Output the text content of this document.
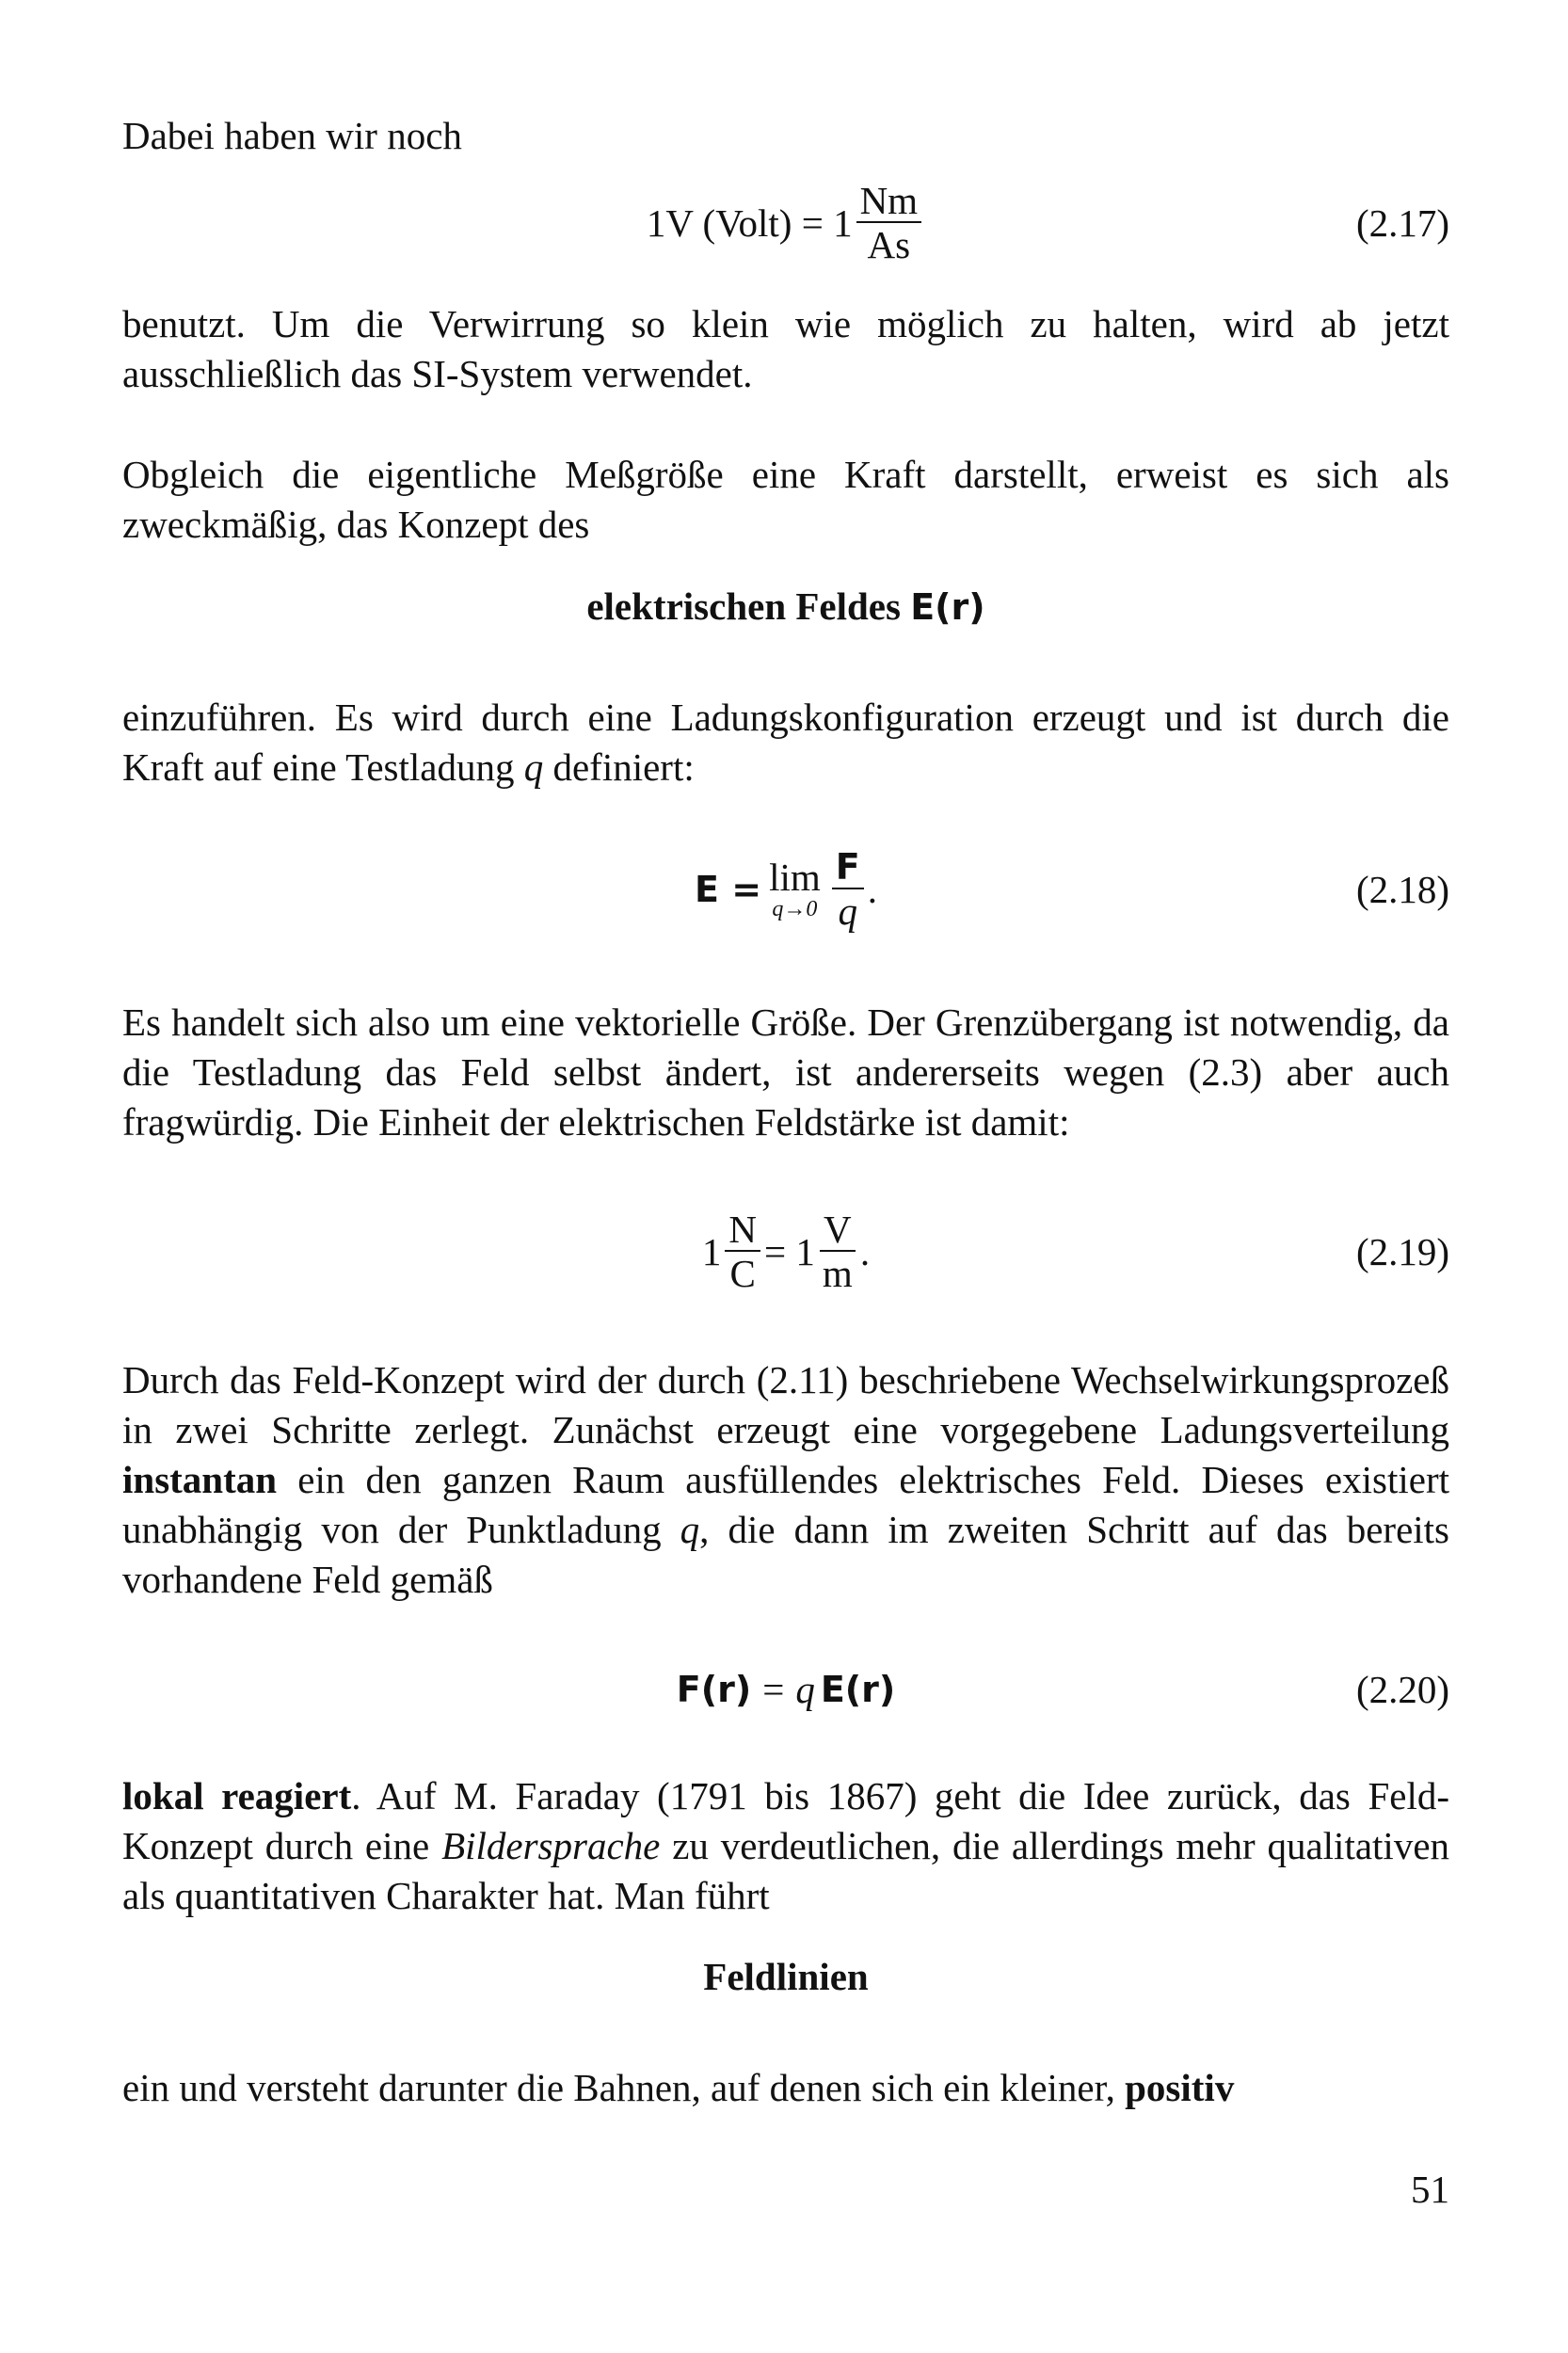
Dabei haben wir noch
1V (Volt) = $1 \frac{Nm}{As}$	(2.17)
benutzt. Um die Verwirrung so klein wie möglich zu halten, wird ab jetzt ausschließlich das SI-System verwendet.
Obgleich die eigentliche Meßgröße eine Kraft darstellt, erweist es sich als zweckmäßig, das Konzept des
elektrischen Feldes E(r)
einzuführen. Es wird durch eine Ladungskonfiguration erzeugt und ist durch die Kraft auf eine Testladung q definiert:
E = lim
$q\to 0 \frac{F}{q}$ .	(2.18)
Es handelt sich also um eine vektorielle Größe. Der Grenzübergang ist notwendig, da die Testladung das Feld selbst ändert, ist andererseits wegen (2.3) aber auch fragwürdig. Die Einheit der elektrischen Feldstärke ist damit:
$1 \frac{N}{C} = 1 \frac{V}{m}$ .	(2.19)
Durch das Feld-Konzept wird der durch (2.11) beschriebene Wechselwirkungsprozeß in zwei Schritte zerlegt. Zunächst erzeugt eine vorgegebene Ladungsverteilung instantan ein den ganzen Raum ausfüllendes elektrisches Feld. Dieses existiert unabhängig von der Punktladung q, die dann im zweiten Schritt auf das bereits vorhandene Feld gemäß
F(r) = q E(r)	(2.20)
lokal reagiert. Auf M. Faraday (1791 bis 1867) geht die Idee zurück, das Feld-Konzept durch eine Bildersprache zu verdeutlichen, die allerdings mehr qualitativen als quantitativen Charakter hat. Man führt
Feldlinien
ein und versteht darunter die Bahnen, auf denen sich ein kleiner, positiv
51
